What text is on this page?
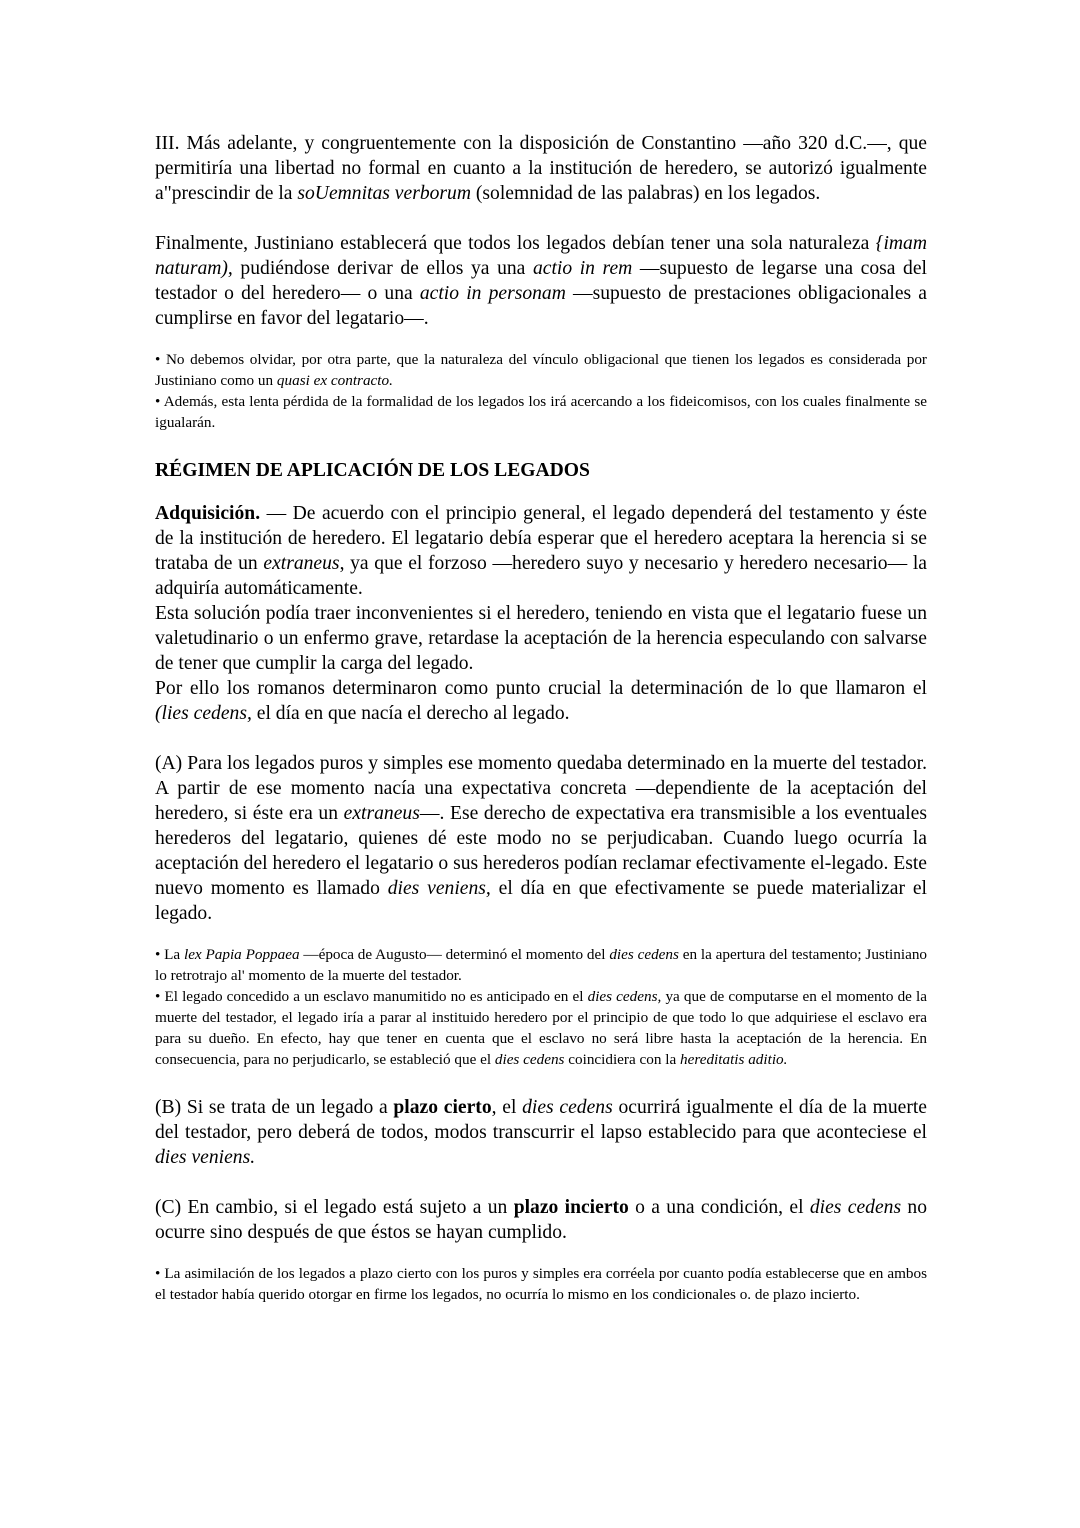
III. Más adelante, y congruentemente con la disposición de Constantino —año 320 d.C.—, que permitiría una libertad no formal en cuanto a la institución de heredero, se autorizó igualmente a"prescindir de la soUemnitas verborum (solemnidad de las palabras) en los legados.

Finalmente, Justiniano establecerá que todos los legados debían tener una sola naturaleza {imam naturam), pudiéndose derivar de ellos ya una actio in rem —supuesto de legarse una cosa del testador o del heredero— o una actio in personam —supuesto de prestaciones obligacionales a cumplirse en favor del legatario—.

• No debemos olvidar, por otra parte, que la naturaleza del vínculo obligacional que tienen los legados es considerada por Justiniano como un quasi ex contracto.

• Además, esta lenta pérdida de la formalidad de los legados los irá acercando a los fideicomisos, con los cuales finalmente se igualarán.

RÉGIMEN DE APLICACIÓN DE LOS LEGADOS

Adquisición. — De acuerdo con el principio general, el legado dependerá del testamento y éste de la institución de heredero. El legatario debía esperar que el heredero aceptara la herencia si se trataba de un extraneus, ya que el forzoso —heredero suyo y necesario y heredero necesario— la adquiría automáticamente.

Esta solución podía traer inconvenientes si el heredero, teniendo en vista que el legatario fuese un valetudinario o un enfermo grave, retardase la aceptación de la herencia especulando con salvarse de tener que cumplir la carga del legado.

Por ello los romanos determinaron como punto crucial la determinación de lo que llamaron el (lies cedens, el día en que nacía el derecho al legado.

(A) Para los legados puros y simples ese momento quedaba determinado en la muerte del testador. A partir de ese momento nacía una expectativa concreta —dependiente de la aceptación del heredero, si éste era un extraneus—. Ese derecho de expectativa era transmisible a los eventuales herederos del legatario, quienes dé este modo no se perjudicaban. Cuando luego ocurría la aceptación del heredero el legatario o sus herederos podían reclamar efectivamente el-legado. Este nuevo momento es llamado dies veniens, el día en que efectivamente se puede materializar el legado.

• La lex Papia Poppaea —época de Augusto— determinó el momento del dies cedens en la apertura del testamento; Justiniano lo retrotrajo al' momento de la muerte del testador.

• El legado concedido a un esclavo manumitido no es anticipado en el dies cedens, ya que de computarse en el momento de la muerte del testador, el legado iría a parar al instituido heredero por el principio de que todo lo que adquiriese el esclavo era para su dueño. En efecto, hay que tener en cuenta que el esclavo no será libre hasta la aceptación de la herencia. En consecuencia, para no perjudicarlo, se estableció que el dies cedens coincidiera con la hereditatis aditio.

(B) Si se trata de un legado a plazo cierto, el dies cedens ocurrirá igualmente el día de la muerte del testador, pero deberá de todos, modos transcurrir el lapso establecido para que aconteciese el dies veniens.

(C) En cambio, si el legado está sujeto a un plazo incierto o a una condición, el dies cedens no ocurre sino después de que éstos se hayan cumplido.

• La asimilación de los legados a plazo cierto con los puros y simples era corréela por cuanto podía establecerse que en ambos el testador había querido otorgar en firme los legados, no ocurría lo mismo en los condicionales o. de plazo incierto.
